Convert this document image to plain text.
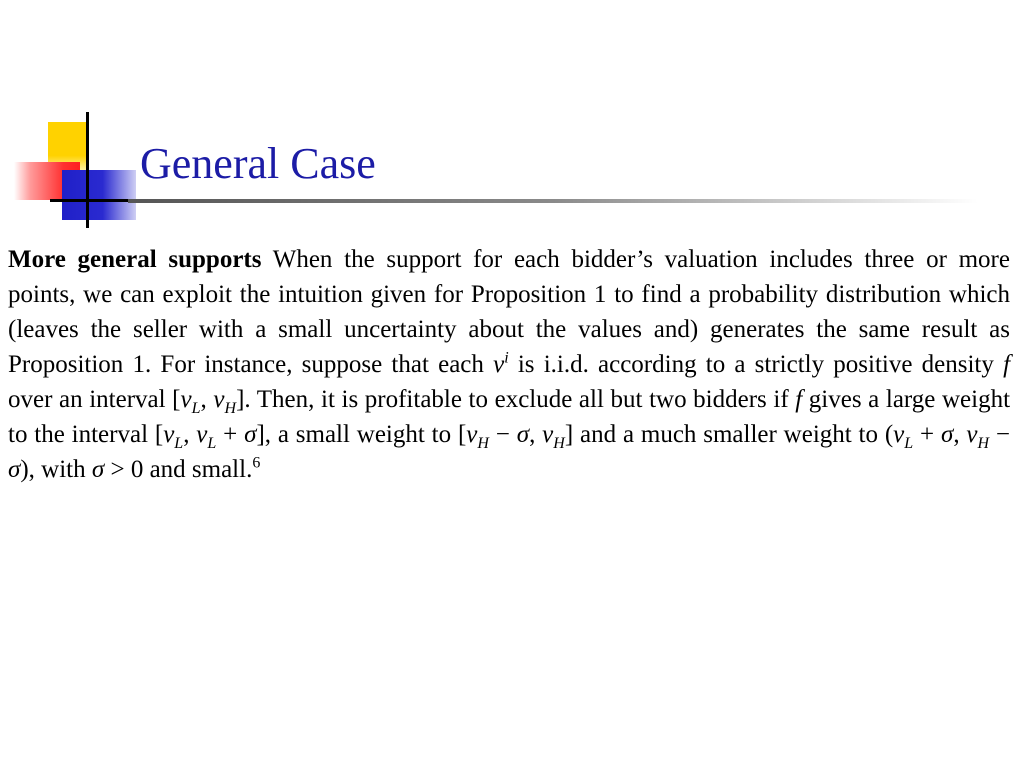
General Case

More general supports When the support for each bidder’s valuation includes three or more points, we can exploit the intuition given for Proposition 1 to find a probability distribution which (leaves the seller with a small uncertainty about the values and) generates the same result as Proposition 1. For instance, suppose that each $v^i$ is i.i.d. according to a strictly positive density f over an interval [$v_L$, $v_H$]. Then, it is profitable to exclude all but two bidders if f gives a large weight to the interval [$v_L$, $v_L + \sigma$], a small weight to [$v_H - \sigma$, $v_H$] and a much smaller weight to ($v_L + \sigma$, $v_H - \sigma$), with σ > 0 and small.$^6$
